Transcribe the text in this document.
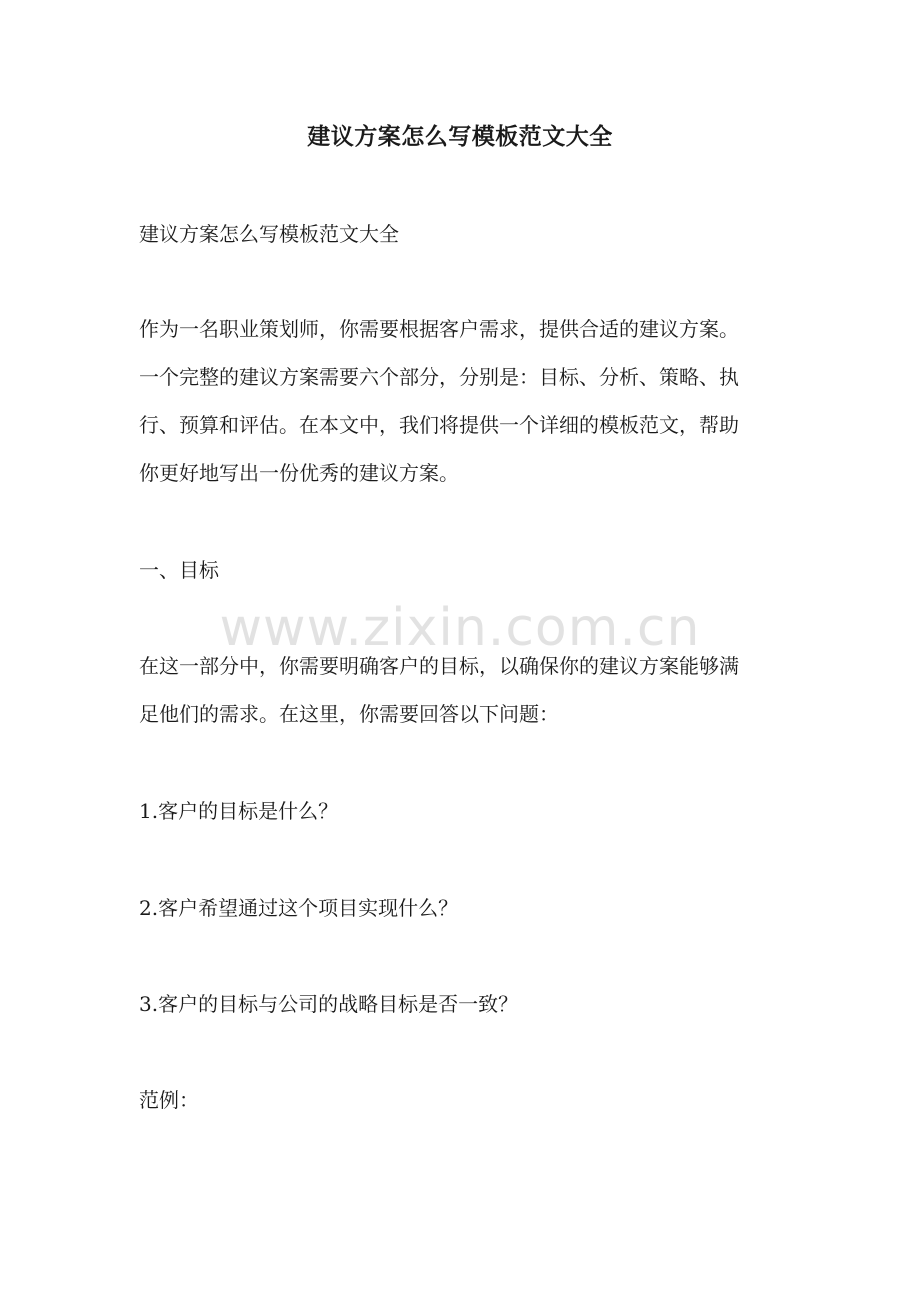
建议方案怎么写模板范文大全

建议方案怎么写模板范文大全

作为一名职业策划师，你需要根据客户需求，提供合适的建议方案。
一个完整的建议方案需要六个部分，分别是：目标、分析、策略、执
行、预算和评估。在本文中，我们将提供一个详细的模板范文，帮助
你更好地写出一份优秀的建议方案。

一、目标

www.zixin.com.cn
在这一部分中，你需要明确客户的目标，以确保你的建议方案能够满
足他们的需求。在这里，你需要回答以下问题：

1.客户的目标是什么？

2.客户希望通过这个项目实现什么？

3.客户的目标与公司的战略目标是否一致？

范例：
